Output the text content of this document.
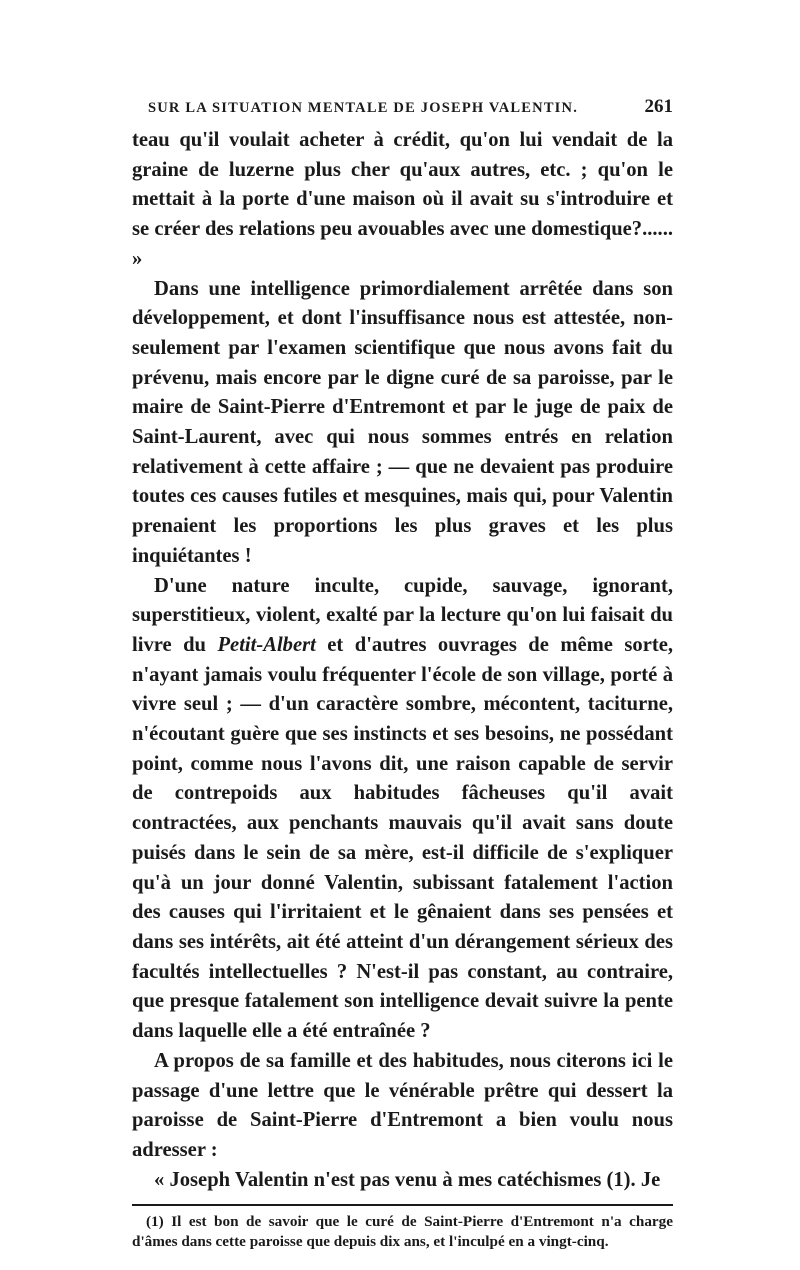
SUR LA SITUATION MENTALE DE JOSEPH VALENTIN.	261

teau qu'il voulait acheter à crédit, qu'on lui vendait de la graine de luzerne plus cher qu'aux autres, etc. ; qu'on le mettait à la porte d'une maison où il avait su s'introduire et se créer des relations peu avouables avec une domestique?...... »

Dans une intelligence primordialement arrêtée dans son développement, et dont l'insuffisance nous est attestée, non-seulement par l'examen scientifique que nous avons fait du prévenu, mais encore par le digne curé de sa paroisse, par le maire de Saint-Pierre d'Entremont et par le juge de paix de Saint-Laurent, avec qui nous sommes entrés en relation relativement à cette affaire ; — que ne devaient pas produire toutes ces causes futiles et mesquines, mais qui, pour Valentin prenaient les proportions les plus graves et les plus inquiétantes !

D'une nature inculte, cupide, sauvage, ignorant, superstitieux, violent, exalté par la lecture qu'on lui faisait du livre du Petit-Albert et d'autres ouvrages de même sorte, n'ayant jamais voulu fréquenter l'école de son village, porté à vivre seul ; — d'un caractère sombre, mécontent, taciturne, n'écoutant guère que ses instincts et ses besoins, ne possédant point, comme nous l'avons dit, une raison capable de servir de contrepoids aux habitudes fâcheuses qu'il avait contractées, aux penchants mauvais qu'il avait sans doute puisés dans le sein de sa mère, est-il difficile de s'expliquer qu'à un jour donné Valentin, subissant fatalement l'action des causes qui l'irritaient et le gênaient dans ses pensées et dans ses intérêts, ait été atteint d'un dérangement sérieux des facultés intellectuelles ? N'est-il pas constant, au contraire, que presque fatalement son intelligence devait suivre la pente dans laquelle elle a été entraînée ?

A propos de sa famille et des habitudes, nous citerons ici le passage d'une lettre que le vénérable prêtre qui dessert la paroisse de Saint-Pierre d'Entremont a bien voulu nous adresser :

« Joseph Valentin n'est pas venu à mes catéchismes (1). Je

(1) Il est bon de savoir que le curé de Saint-Pierre d'Entremont n'a charge d'âmes dans cette paroisse que depuis dix ans, et l'inculpé en a vingt-cinq.
